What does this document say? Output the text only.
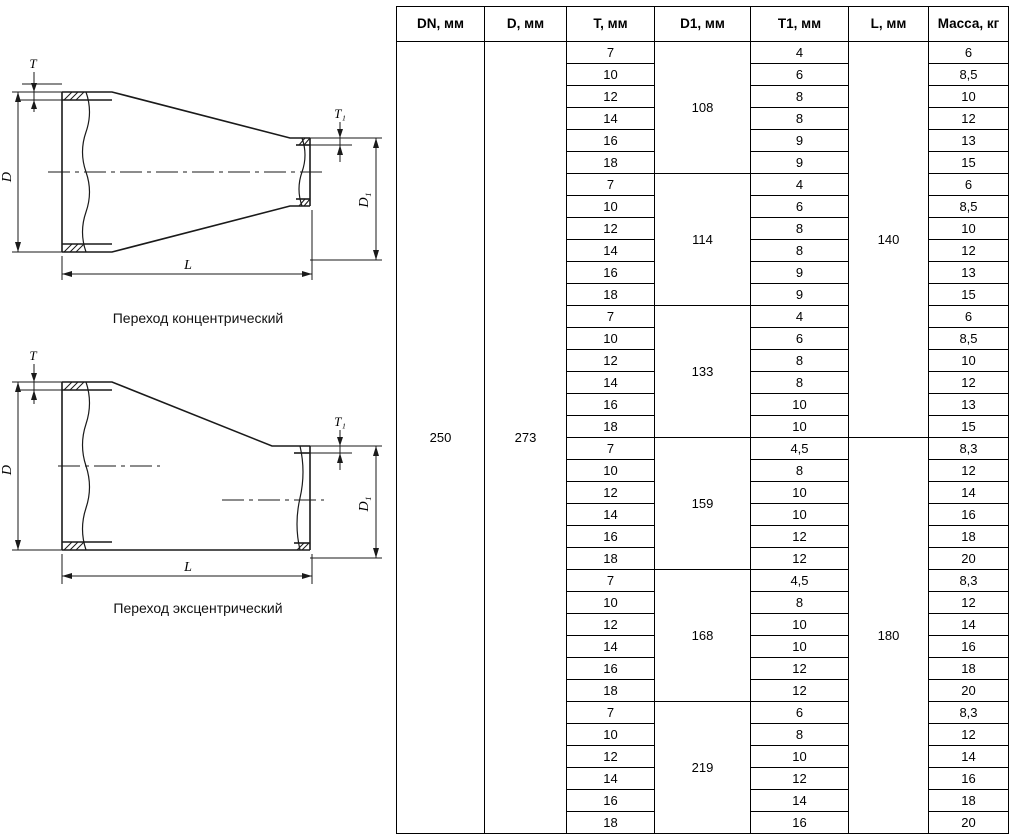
D
D₁
T
T₁
L
Переход концентрический
D
D₁
T
T₁
L
Переход эксцентрический
DN, мм	D, мм	T, мм	D1, мм	T1, мм	L, мм	Масса, кг
250	273	7	108	4	140	6
		10		6		8,5
		12		8		10
		14		8		12
		16		9		13
		18		9		15
		7	114	4		6
		10		6		8,5
		12		8		10
		14		8		12
		16		9		13
		18		9		15
		7	133	4		6
		10		6		8,5
		12		8		10
		14		8		12
		16		10		13
		18		10		15
		7	159	4,5	180	8,3
		10		8		12
		12		10		14
		14		10		16
		16		12		18
		18		12		20
		7	168	4,5		8,3
		10		8		12
		12		10		14
		14		10		16
		16		12		18
		18		12		20
		7	219	6		8,3
		10		8		12
		12		10		14
		14		12		16
		16		14		18
		18		16		20
